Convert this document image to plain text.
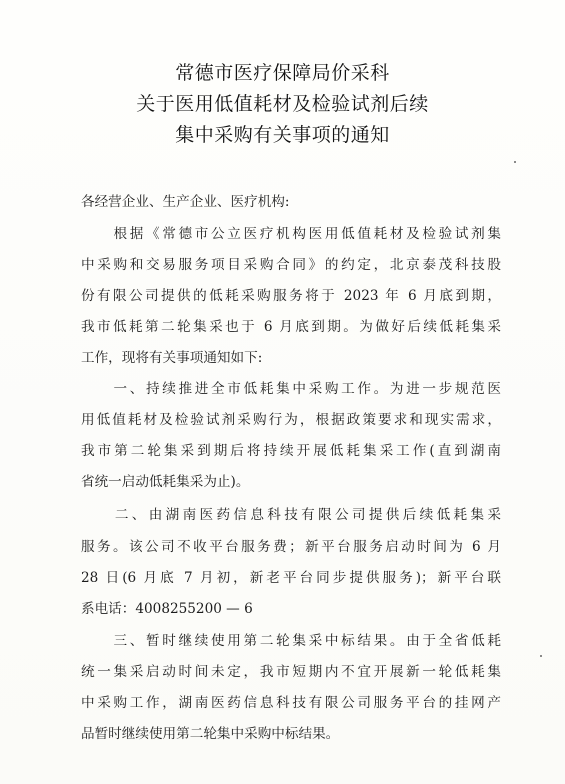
常德市医疗保障局价采科
关于医用低值耗材及检验试剂后续
集中采购有关事项的通知
各经营企业、生产企业、医疗机构:
　　根据《常德市公立医疗机构医用低值耗材及检验试剂集
中采购和交易服务项目采购合同》的约定，北京泰茂科技股
份有限公司提供的低耗采购服务将于 2023 年 6 月底到期，
我市低耗第二轮集采也于 6 月底到期。为做好后续低耗集采
工作，现将有关事项通知如下:
　　一、持续推进全市低耗集中采购工作。为进一步规范医
用低值耗材及检验试剂采购行为，根据政策要求和现实需求，
我市第二轮集采到期后将持续开展低耗集采工作(直到湖南
省统一启动低耗集采为止)。
　　二、由湖南医药信息科技有限公司提供后续低耗集采
服务。该公司不收平台服务费；新平台服务启动时间为 6 月
28 日(6 月底 7 月初，新老平台同步提供服务)；新平台联
系电话：4008255200 — 6
　　三、暂时继续使用第二轮集采中标结果。由于全省低耗
统一集采启动时间未定，我市短期内不宜开展新一轮低耗集
中采购工作，湖南医药信息科技有限公司服务平台的挂网产
品暂时继续使用第二轮集中采购中标结果。
